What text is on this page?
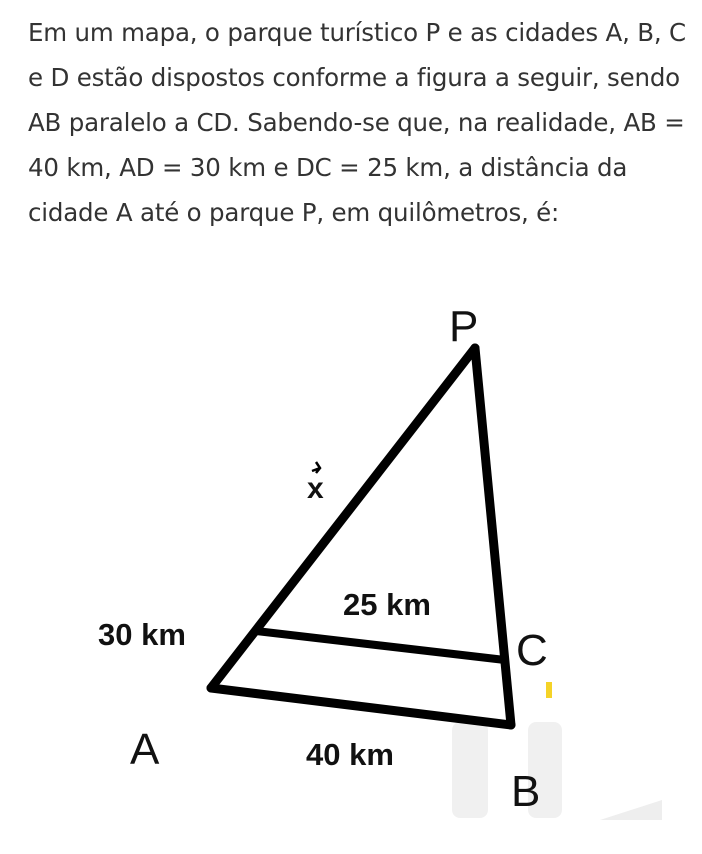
Em um mapa, o parque turístico P e as cidades A, B, C e D estão dispostos conforme a figura a seguir, sendo AB paralelo a CD. Sabendo-se que, na realidade, AB = 40 km, AD = 30 km e DC = 25 km, a distância da cidade A até o parque P, em quilômetros, é:

P
A
C
B
x
25 km
30 km
40 km
